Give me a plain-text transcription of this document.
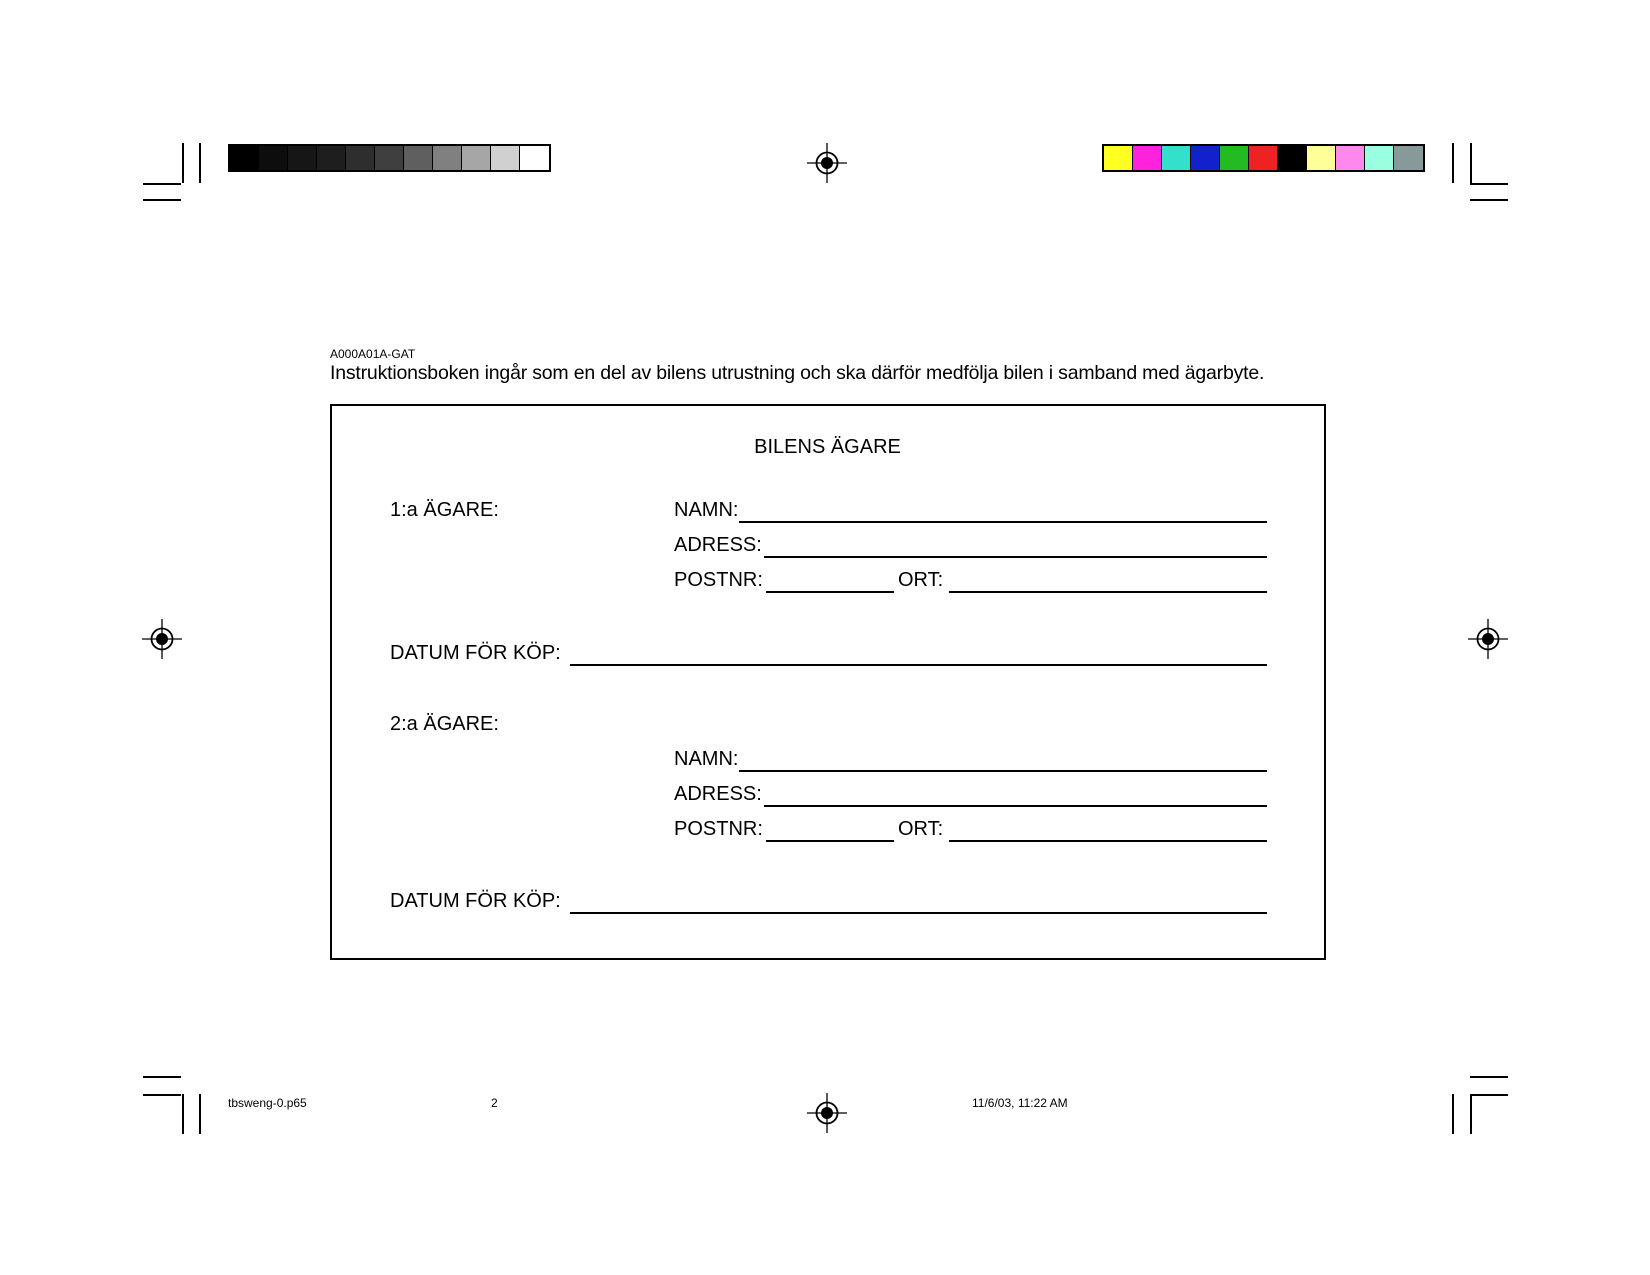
A000A01A-GAT
Instruktionsboken ingår som en del av bilens utrustning och ska därför medfölja bilen i samband med ägarbyte.
BILENS ÄGARE
1:a ÄGARE:	NAMN:
ADRESS:
POSTNR:	ORT:
DATUM FÖR KÖP:
2:a ÄGARE:
NAMN:
ADRESS:
POSTNR:	ORT:
DATUM FÖR KÖP:
tbsweng-0.p65	2	11/6/03, 11:22 AM
